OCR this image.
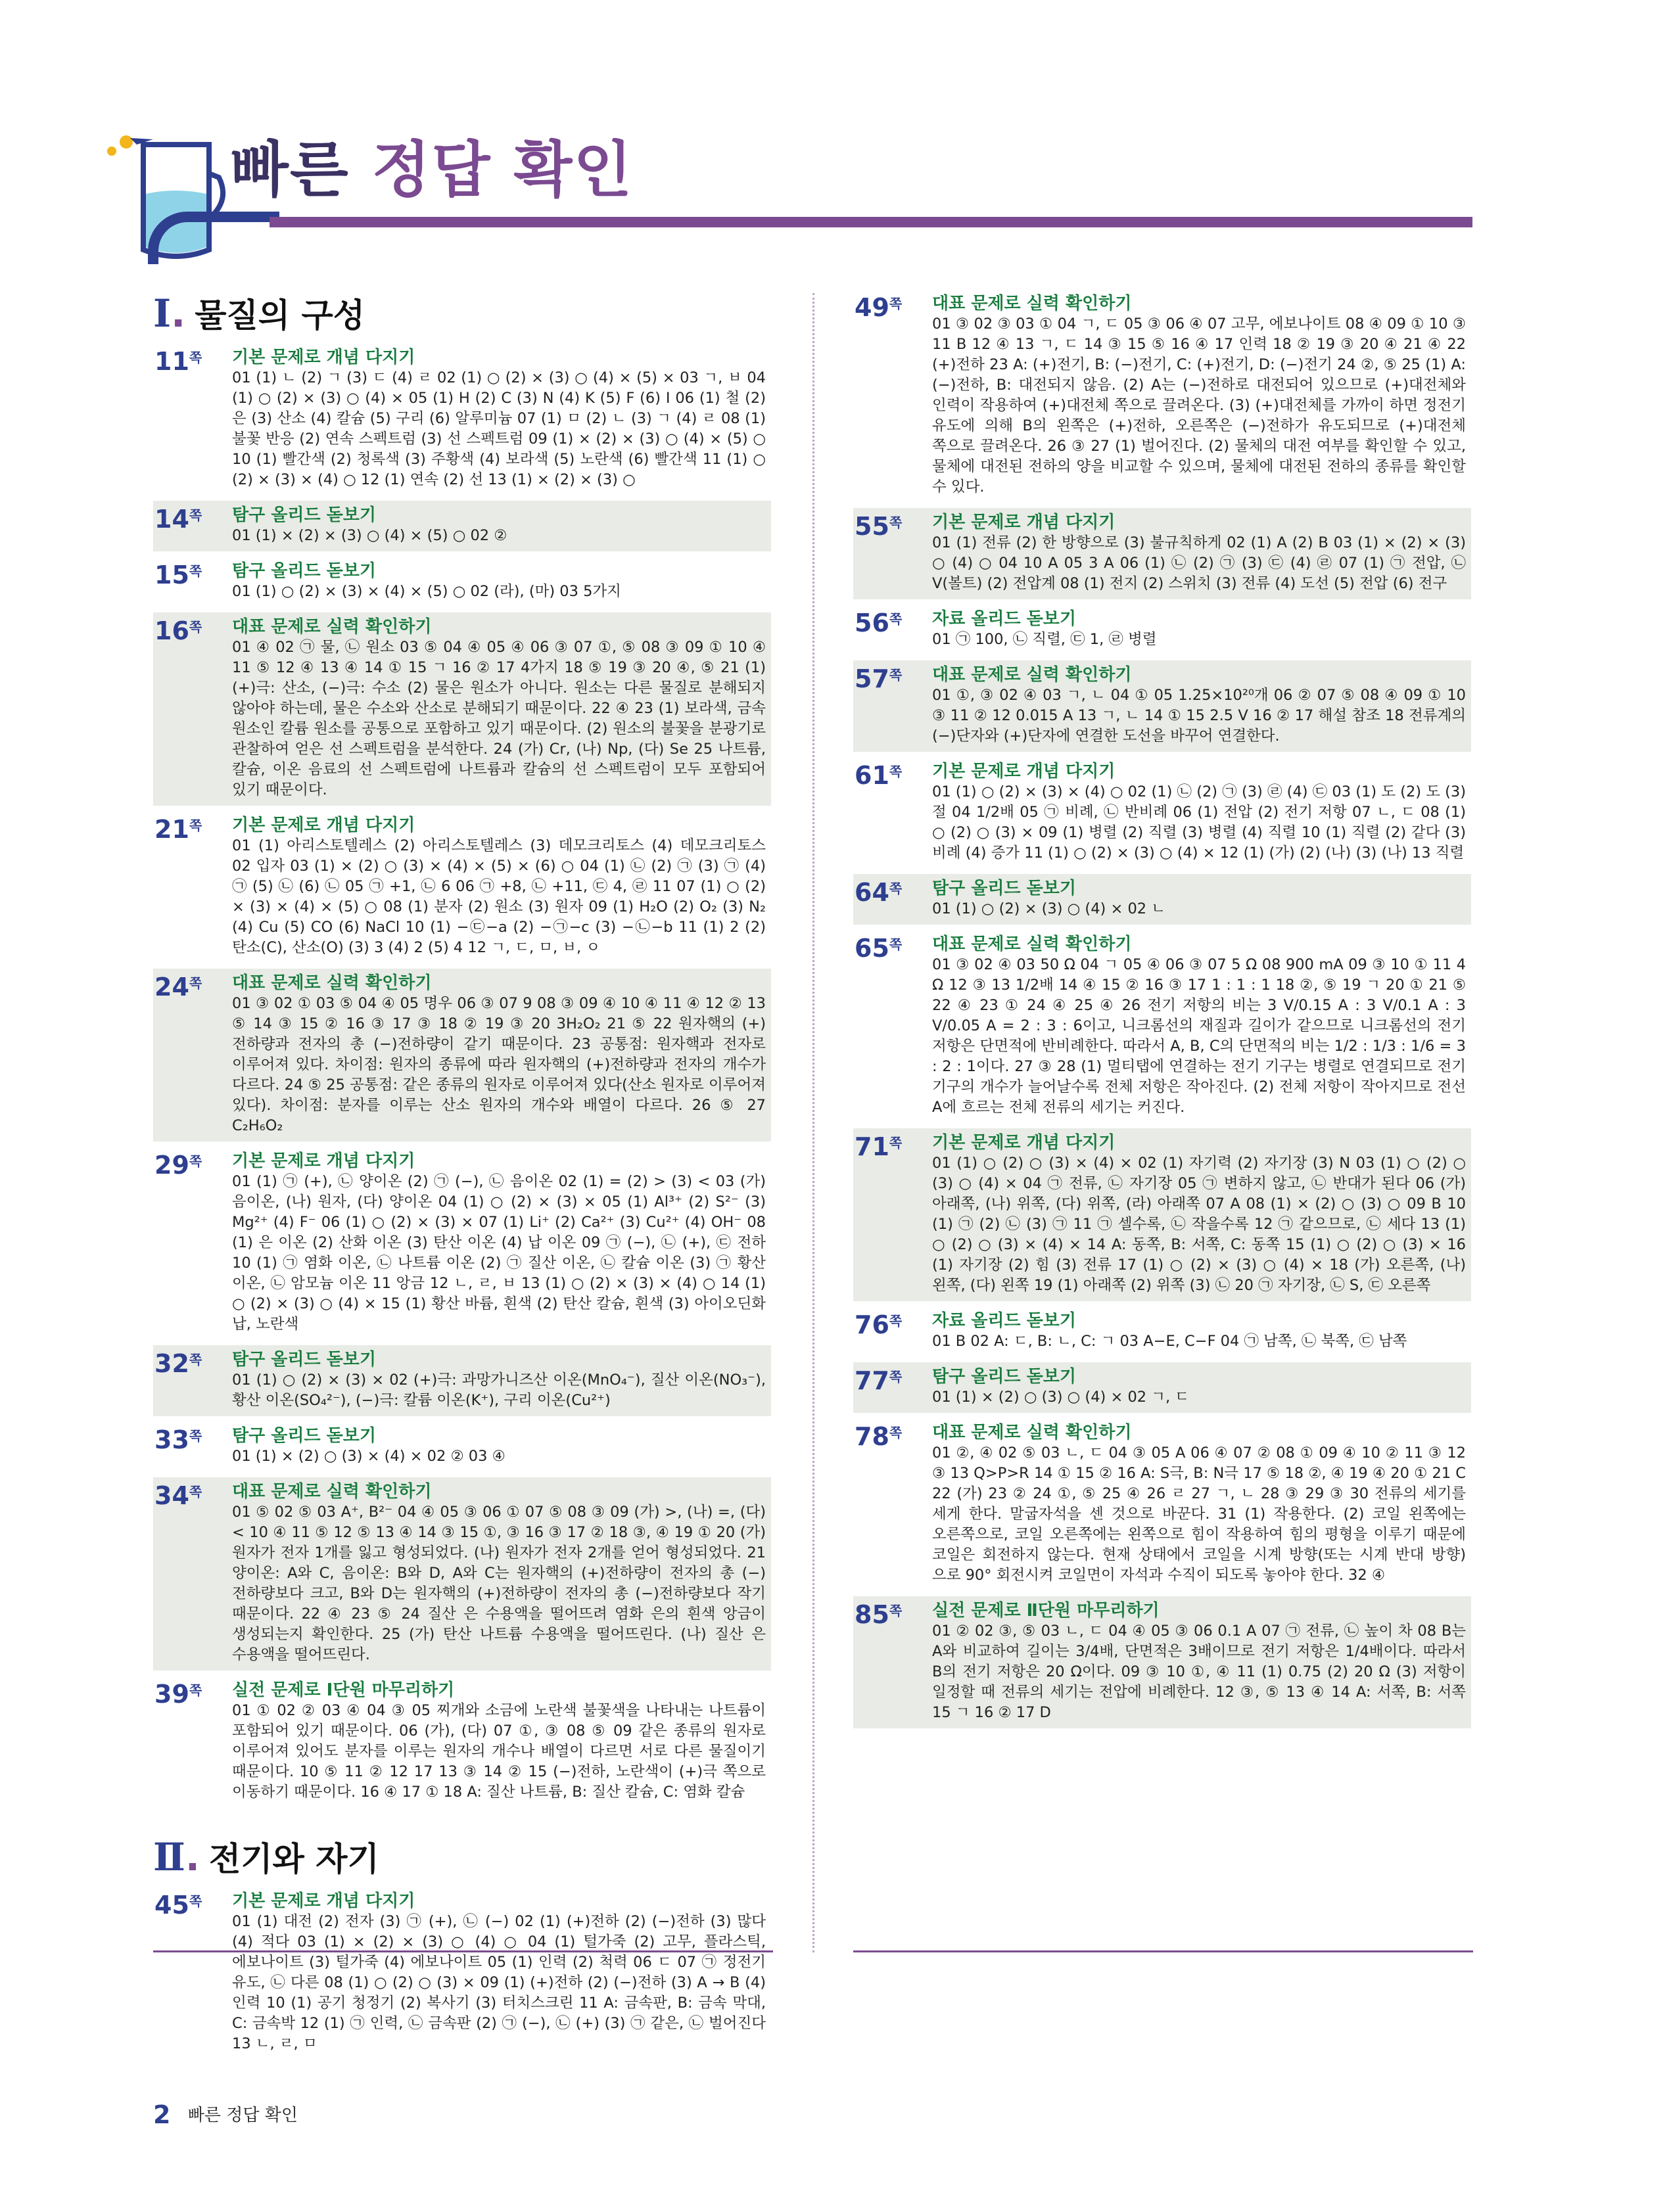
빠른 정답 확인
Ⅰ . 물질의 구성
11쪽	기본 문제로 개념 다지기
01 (1) ㄴ (2) ㄱ (3) ㄷ (4) ㄹ 02 (1) ○ (2) × (3) ○ (4) × (5) × 03 ㄱ, ㅂ 04 (1) ○ (2) × (3) ○ (4) × 05 (1) H (2) C (3) N (4) K (5) F (6) I 06 (1) 철 (2) 은 (3) 산소 (4) 칼슘 (5) 구리 (6) 알루미늄 07 (1) ㅁ (2) ㄴ (3) ㄱ (4) ㄹ 08 (1) 불꽃 반응 (2) 연속 스펙트럼 (3) 선 스펙트럼 09 (1) × (2) × (3) ○ (4) × (5) ○ 10 (1) 빨간색 (2) 청록색 (3) 주황색 (4) 보라색 (5) 노란색 (6) 빨간색 11 (1) ○ (2) × (3) × (4) ○ 12 (1) 연속 (2) 선 13 (1) × (2) × (3) ○
14쪽	탐구 올리드 돋보기
01 (1) × (2) × (3) ○ (4) × (5) ○ 02 ②
15쪽	탐구 올리드 돋보기
01 (1) ○ (2) × (3) × (4) × (5) ○ 02 (라), (마) 03 5가지
16쪽	대표 문제로 실력 확인하기
01 ④ 02 ㉠ 물, ㉡ 원소 03 ⑤ 04 ④ 05 ④ 06 ③ 07 ①, ⑤ 08 ③ 09 ① 10 ④ 11 ⑤ 12 ④ 13 ④ 14 ① 15 ㄱ 16 ② 17 4가지 18 ⑤ 19 ③ 20 ④, ⑤ 21 (1) (+)극: 산소, (−)극: 수소 (2) 물은 원소가 아니다. 원소는 다른 물질로 분해되지 않아야 하는데, 물은 수소와 산소로 분해되기 때문이다. 22 ④ 23 (1) 보라색, 금속 원소인 칼륨 원소를 공통으로 포함하고 있기 때문이다. (2) 원소의 불꽃을 분광기로 관찰하여 얻은 선 스펙트럼을 분석한다. 24 (가) Cr, (나) Np, (다) Se 25 나트륨, 칼슘, 이온 음료의 선 스펙트럼에 나트륨과 칼슘의 선 스펙트럼이 모두 포함되어 있기 때문이다.
21쪽	기본 문제로 개념 다지기
01 (1) 아리스토텔레스 (2) 아리스토텔레스 (3) 데모크리토스 (4) 데모크리토스 02 입자 03 (1) × (2) ○ (3) × (4) × (5) × (6) ○ 04 (1) ㉡ (2) ㉠ (3) ㉠ (4) ㉠ (5) ㉡ (6) ㉡ 05 ㉠ +1, ㉡ 6 06 ㉠ +8, ㉡ +11, ㉢ 4, ㉣ 11 07 (1) ○ (2) × (3) × (4) × (5) ○ 08 (1) 분자 (2) 원소 (3) 원자 09 (1) H₂O (2) O₂ (3) N₂ (4) Cu (5) CO (6) NaCl 10 (1) −㉢−a (2) −㉠−c (3) −㉡−b 11 (1) 2 (2) 탄소(C), 산소(O) (3) 3 (4) 2 (5) 4 12 ㄱ, ㄷ, ㅁ, ㅂ, ㅇ
24쪽	대표 문제로 실력 확인하기
01 ③ 02 ① 03 ⑤ 04 ④ 05 명우 06 ③ 07 9 08 ③ 09 ④ 10 ④ 11 ④ 12 ② 13 ⑤ 14 ③ 15 ② 16 ③ 17 ③ 18 ② 19 ③ 20 3H₂O₂ 21 ⑤ 22 원자핵의 (+)전하량과 전자의 총 (−)전하량이 같기 때문이다. 23 공통점: 원자핵과 전자로 이루어져 있다. 차이점: 원자의 종류에 따라 원자핵의 (+)전하량과 전자의 개수가 다르다. 24 ⑤ 25 공통점: 같은 종류의 원자로 이루어져 있다(산소 원자로 이루어져 있다). 차이점: 분자를 이루는 산소 원자의 개수와 배열이 다르다. 26 ⑤ 27 C₂H₆O₂
29쪽	기본 문제로 개념 다지기
01 (1) ㉠ (+), ㉡ 양이온 (2) ㉠ (−), ㉡ 음이온 02 (1) = (2) > (3) < 03 (가) 음이온, (나) 원자, (다) 양이온 04 (1) ○ (2) × (3) × 05 (1) Al³⁺ (2) S²⁻ (3) Mg²⁺ (4) F⁻ 06 (1) ○ (2) × (3) × 07 (1) Li⁺ (2) Ca²⁺ (3) Cu²⁺ (4) OH⁻ 08 (1) 은 이온 (2) 산화 이온 (3) 탄산 이온 (4) 납 이온 09 ㉠ (−), ㉡ (+), ㉢ 전하 10 (1) ㉠ 염화 이온, ㉡ 나트륨 이온 (2) ㉠ 질산 이온, ㉡ 칼슘 이온 (3) ㉠ 황산 이온, ㉡ 암모늄 이온 11 앙금 12 ㄴ, ㄹ, ㅂ 13 (1) ○ (2) × (3) × (4) ○ 14 (1) ○ (2) × (3) ○ (4) × 15 (1) 황산 바륨, 흰색 (2) 탄산 칼슘, 흰색 (3) 아이오딘화 납, 노란색
32쪽	탐구 올리드 돋보기
01 (1) ○ (2) × (3) × 02 (+)극: 과망가니즈산 이온(MnO₄⁻), 질산 이온(NO₃⁻), 황산 이온(SO₄²⁻), (−)극: 칼륨 이온(K⁺), 구리 이온(Cu²⁺)
33쪽	탐구 올리드 돋보기
01 (1) × (2) ○ (3) × (4) × 02 ② 03 ④
34쪽	대표 문제로 실력 확인하기
01 ⑤ 02 ⑤ 03 A⁺, B²⁻ 04 ④ 05 ③ 06 ① 07 ⑤ 08 ③ 09 (가) >, (나) =, (다) < 10 ④ 11 ⑤ 12 ⑤ 13 ④ 14 ③ 15 ①, ③ 16 ③ 17 ② 18 ③, ④ 19 ① 20 (가) 원자가 전자 1개를 잃고 형성되었다. (나) 원자가 전자 2개를 얻어 형성되었다. 21 양이온: A와 C, 음이온: B와 D, A와 C는 원자핵의 (+)전하량이 전자의 총 (−)전하량보다 크고, B와 D는 원자핵의 (+)전하량이 전자의 총 (−)전하량보다 작기 때문이다. 22 ④ 23 ⑤ 24 질산 은 수용액을 떨어뜨려 염화 은의 흰색 앙금이 생성되는지 확인한다. 25 (가) 탄산 나트륨 수용액을 떨어뜨린다. (나) 질산 은 수용액을 떨어뜨린다.
39쪽	실전 문제로 Ⅰ단원 마무리하기
01 ① 02 ② 03 ④ 04 ③ 05 찌개와 소금에 노란색 불꽃색을 나타내는 나트륨이 포함되어 있기 때문이다. 06 (가), (다) 07 ①, ③ 08 ⑤ 09 같은 종류의 원자로 이루어져 있어도 분자를 이루는 원자의 개수나 배열이 다르면 서로 다른 물질이기 때문이다. 10 ⑤ 11 ② 12 17 13 ③ 14 ② 15 (−)전하, 노란색이 (+)극 쪽으로 이동하기 때문이다. 16 ④ 17 ① 18 A: 질산 나트륨, B: 질산 칼슘, C: 염화 칼슘
Ⅱ . 전기와 자기
45쪽	기본 문제로 개념 다지기
01 (1) 대전 (2) 전자 (3) ㉠ (+), ㉡ (−) 02 (1) (+)전하 (2) (−)전하 (3) 많다 (4) 적다 03 (1) × (2) × (3) ○ (4) ○ 04 (1) 털가죽 (2) 고무, 플라스틱, 에보나이트 (3) 털가죽 (4) 에보나이트 05 (1) 인력 (2) 척력 06 ㄷ 07 ㉠ 정전기 유도, ㉡ 다른 08 (1) ○ (2) ○ (3) × 09 (1) (+)전하 (2) (−)전하 (3) A → B (4) 인력 10 (1) 공기 청정기 (2) 복사기 (3) 터치스크린 11 A: 금속판, B: 금속 막대, C: 금속박 12 (1) ㉠ 인력, ㉡ 금속판 (2) ㉠ (−), ㉡ (+) (3) ㉠ 같은, ㉡ 벌어진다 13 ㄴ, ㄹ, ㅁ
49쪽	대표 문제로 실력 확인하기
01 ③ 02 ③ 03 ① 04 ㄱ, ㄷ 05 ③ 06 ④ 07 고무, 에보나이트 08 ④ 09 ① 10 ③ 11 B 12 ④ 13 ㄱ, ㄷ 14 ③ 15 ⑤ 16 ④ 17 인력 18 ② 19 ③ 20 ④ 21 ④ 22 (+)전하 23 A: (+)전기, B: (−)전기, C: (+)전기, D: (−)전기 24 ②, ⑤ 25 (1) A: (−)전하, B: 대전되지 않음. (2) A는 (−)전하로 대전되어 있으므로 (+)대전체와 인력이 작용하여 (+)대전체 쪽으로 끌려온다. (3) (+)대전체를 가까이 하면 정전기 유도에 의해 B의 왼쪽은 (+)전하, 오른쪽은 (−)전하가 유도되므로 (+)대전체 쪽으로 끌려온다. 26 ③ 27 (1) 벌어진다. (2) 물체의 대전 여부를 확인할 수 있고, 물체에 대전된 전하의 양을 비교할 수 있으며, 물체에 대전된 전하의 종류를 확인할 수 있다.
55쪽	기본 문제로 개념 다지기
01 (1) 전류 (2) 한 방향으로 (3) 불규칙하게 02 (1) A (2) B 03 (1) × (2) × (3) ○ (4) ○ 04 10 A 05 3 A 06 (1) ㉡ (2) ㉠ (3) ㉢ (4) ㉣ 07 (1) ㉠ 전압, ㉡ V(볼트) (2) 전압계 08 (1) 전지 (2) 스위치 (3) 전류 (4) 도선 (5) 전압 (6) 전구
56쪽	자료 올리드 돋보기
01 ㉠ 100, ㉡ 직렬, ㉢ 1, ㉣ 병렬
57쪽	대표 문제로 실력 확인하기
01 ①, ③ 02 ④ 03 ㄱ, ㄴ 04 ① 05 1.25×10²⁰개 06 ② 07 ⑤ 08 ④ 09 ① 10 ③ 11 ② 12 0.015 A 13 ㄱ, ㄴ 14 ① 15 2.5 V 16 ② 17 해설 참조 18 전류계의 (−)단자와 (+)단자에 연결한 도선을 바꾸어 연결한다.
61쪽	기본 문제로 개념 다지기
01 (1) ○ (2) × (3) × (4) ○ 02 (1) ㉡ (2) ㉠ (3) ㉣ (4) ㉢ 03 (1) 도 (2) 도 (3) 절 04 1/2배 05 ㉠ 비례, ㉡ 반비례 06 (1) 전압 (2) 전기 저항 07 ㄴ, ㄷ 08 (1) ○ (2) ○ (3) × 09 (1) 병렬 (2) 직렬 (3) 병렬 (4) 직렬 10 (1) 직렬 (2) 같다 (3) 비례 (4) 증가 11 (1) ○ (2) × (3) ○ (4) × 12 (1) (가) (2) (나) (3) (나) 13 직렬
64쪽	탐구 올리드 돋보기
01 (1) ○ (2) × (3) ○ (4) × 02 ㄴ
65쪽	대표 문제로 실력 확인하기
01 ③ 02 ④ 03 50 Ω 04 ㄱ 05 ④ 06 ③ 07 5 Ω 08 900 mA 09 ③ 10 ① 11 4 Ω 12 ③ 13 1/2배 14 ④ 15 ② 16 ③ 17 1 : 1 : 1 18 ②, ⑤ 19 ㄱ 20 ① 21 ⑤ 22 ④ 23 ① 24 ④ 25 ④ 26 전기 저항의 비는 3 V/0.15 A : 3 V/0.1 A : 3 V/0.05 A = 2 : 3 : 6이고, 니크롬선의 재질과 길이가 같으므로 니크롬선의 전기 저항은 단면적에 반비례한다. 따라서 A, B, C의 단면적의 비는 1/2 : 1/3 : 1/6 = 3 : 2 : 1이다. 27 ③ 28 (1) 멀티탭에 연결하는 전기 기구는 병렬로 연결되므로 전기 기구의 개수가 늘어날수록 전체 저항은 작아진다. (2) 전체 저항이 작아지므로 전선 A에 흐르는 전체 전류의 세기는 커진다.
71쪽	기본 문제로 개념 다지기
01 (1) ○ (2) ○ (3) × (4) × 02 (1) 자기력 (2) 자기장 (3) N 03 (1) ○ (2) ○ (3) ○ (4) × 04 ㉠ 전류, ㉡ 자기장 05 ㉠ 변하지 않고, ㉡ 반대가 된다 06 (가) 아래쪽, (나) 위쪽, (다) 위쪽, (라) 아래쪽 07 A 08 (1) × (2) ○ (3) ○ 09 B 10 (1) ㉠ (2) ㉡ (3) ㉠ 11 ㉠ 셀수록, ㉡ 작을수록 12 ㉠ 같으므로, ㉡ 세다 13 (1) ○ (2) ○ (3) × (4) × 14 A: 동쪽, B: 서쪽, C: 동쪽 15 (1) ○ (2) ○ (3) × 16 (1) 자기장 (2) 힘 (3) 전류 17 (1) ○ (2) × (3) ○ (4) × 18 (가) 오른쪽, (나) 왼쪽, (다) 왼쪽 19 (1) 아래쪽 (2) 위쪽 (3) ㉡ 20 ㉠ 자기장, ㉡ S, ㉢ 오른쪽
76쪽	자료 올리드 돋보기
01 B 02 A: ㄷ, B: ㄴ, C: ㄱ 03 A−E, C−F 04 ㉠ 남쪽, ㉡ 북쪽, ㉢ 남쪽
77쪽	탐구 올리드 돋보기
01 (1) × (2) ○ (3) ○ (4) × 02 ㄱ, ㄷ
78쪽	대표 문제로 실력 확인하기
01 ②, ④ 02 ⑤ 03 ㄴ, ㄷ 04 ③ 05 A 06 ④ 07 ② 08 ① 09 ④ 10 ② 11 ③ 12 ③ 13 Q>P>R 14 ① 15 ② 16 A: S극, B: N극 17 ⑤ 18 ②, ④ 19 ④ 20 ① 21 C 22 (가) 23 ② 24 ①, ⑤ 25 ④ 26 ㄹ 27 ㄱ, ㄴ 28 ③ 29 ③ 30 전류의 세기를 세게 한다. 말굽자석을 센 것으로 바꾼다. 31 (1) 작용한다. (2) 코일 왼쪽에는 오른쪽으로, 코일 오른쪽에는 왼쪽으로 힘이 작용하여 힘의 평형을 이루기 때문에 코일은 회전하지 않는다. 현재 상태에서 코일을 시계 방향(또는 시계 반대 방향)으로 90° 회전시켜 코일면이 자석과 수직이 되도록 놓아야 한다. 32 ④
85쪽	실전 문제로 Ⅱ단원 마무리하기
01 ② 02 ③, ⑤ 03 ㄴ, ㄷ 04 ④ 05 ③ 06 0.1 A 07 ㉠ 전류, ㉡ 높이 차 08 B는 A와 비교하여 길이는 3/4배, 단면적은 3배이므로 전기 저항은 1/4배이다. 따라서 B의 전기 저항은 20 Ω이다. 09 ③ 10 ①, ④ 11 (1) 0.75 (2) 20 Ω (3) 저항이 일정할 때 전류의 세기는 전압에 비례한다. 12 ③, ⑤ 13 ④ 14 A: 서쪽, B: 서쪽 15 ㄱ 16 ② 17 D
2 빠른 정답 확인
